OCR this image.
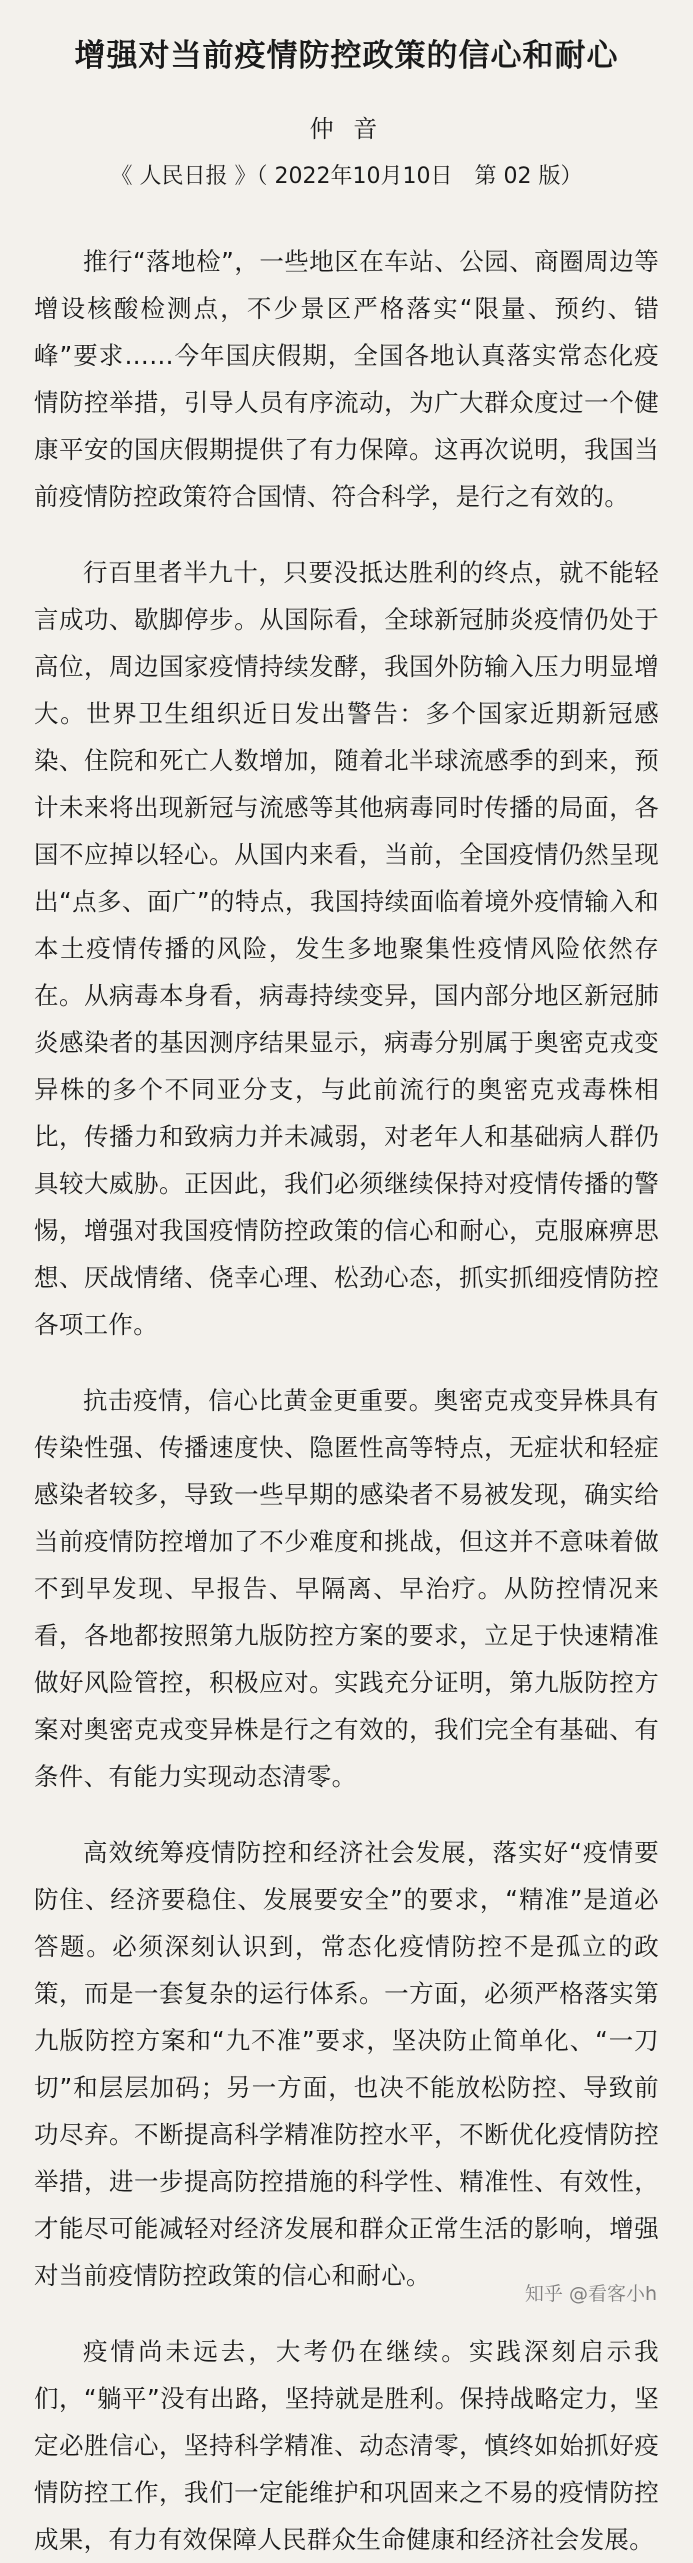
增强对当前疫情防控政策的信心和耐心
仲 音
《 人民日报 》（ 2022年10月10日　第 02 版）

推行“落地检”，一些地区在车站、公园、商圈周边等增设核酸检测点，不少景区严格落实“限量、预约、错峰”要求……今年国庆假期，全国各地认真落实常态化疫情防控举措，引导人员有序流动，为广大群众度过一个健康平安的国庆假期提供了有力保障。这再次说明，我国当前疫情防控政策符合国情、符合科学，是行之有效的。

行百里者半九十，只要没抵达胜利的终点，就不能轻言成功、歇脚停步。从国际看，全球新冠肺炎疫情仍处于高位，周边国家疫情持续发酵，我国外防输入压力明显增大。世界卫生组织近日发出警告：多个国家近期新冠感染、住院和死亡人数增加，随着北半球流感季的到来，预计未来将出现新冠与流感等其他病毒同时传播的局面，各国不应掉以轻心。从国内来看，当前，全国疫情仍然呈现出“点多、面广”的特点，我国持续面临着境外疫情输入和本土疫情传播的风险，发生多地聚集性疫情风险依然存在。从病毒本身看，病毒持续变异，国内部分地区新冠肺炎感染者的基因测序结果显示，病毒分别属于奥密克戎变异株的多个不同亚分支，与此前流行的奥密克戎毒株相比，传播力和致病力并未减弱，对老年人和基础病人群仍具较大威胁。正因此，我们必须继续保持对疫情传播的警惕，增强对我国疫情防控政策的信心和耐心，克服麻痹思想、厌战情绪、侥幸心理、松劲心态，抓实抓细疫情防控各项工作。

抗击疫情，信心比黄金更重要。奥密克戎变异株具有传染性强、传播速度快、隐匿性高等特点，无症状和轻症感染者较多，导致一些早期的感染者不易被发现，确实给当前疫情防控增加了不少难度和挑战，但这并不意味着做不到早发现、早报告、早隔离、早治疗。从防控情况来看，各地都按照第九版防控方案的要求，立足于快速精准做好风险管控，积极应对。实践充分证明，第九版防控方案对奥密克戎变异株是行之有效的，我们完全有基础、有条件、有能力实现动态清零。

高效统筹疫情防控和经济社会发展，落实好“疫情要防住、经济要稳住、发展要安全”的要求，“精准”是道必答题。必须深刻认识到，常态化疫情防控不是孤立的政策，而是一套复杂的运行体系。一方面，必须严格落实第九版防控方案和“九不准”要求，坚决防止简单化、“一刀切”和层层加码；另一方面，也决不能放松防控、导致前功尽弃。不断提高科学精准防控水平，不断优化疫情防控举措，进一步提高防控措施的科学性、精准性、有效性，才能尽可能减轻对经济发展和群众正常生活的影响，增强对当前疫情防控政策的信心和耐心。

疫情尚未远去，大考仍在继续。实践深刻启示我们，“躺平”没有出路，坚持就是胜利。保持战略定力，坚定必胜信心，坚持科学精准、动态清零，慎终如始抓好疫情防控工作，我们一定能维护和巩固来之不易的疫情防控成果，有力有效保障人民群众生命健康和经济社会发展。

知乎 @看客小h
